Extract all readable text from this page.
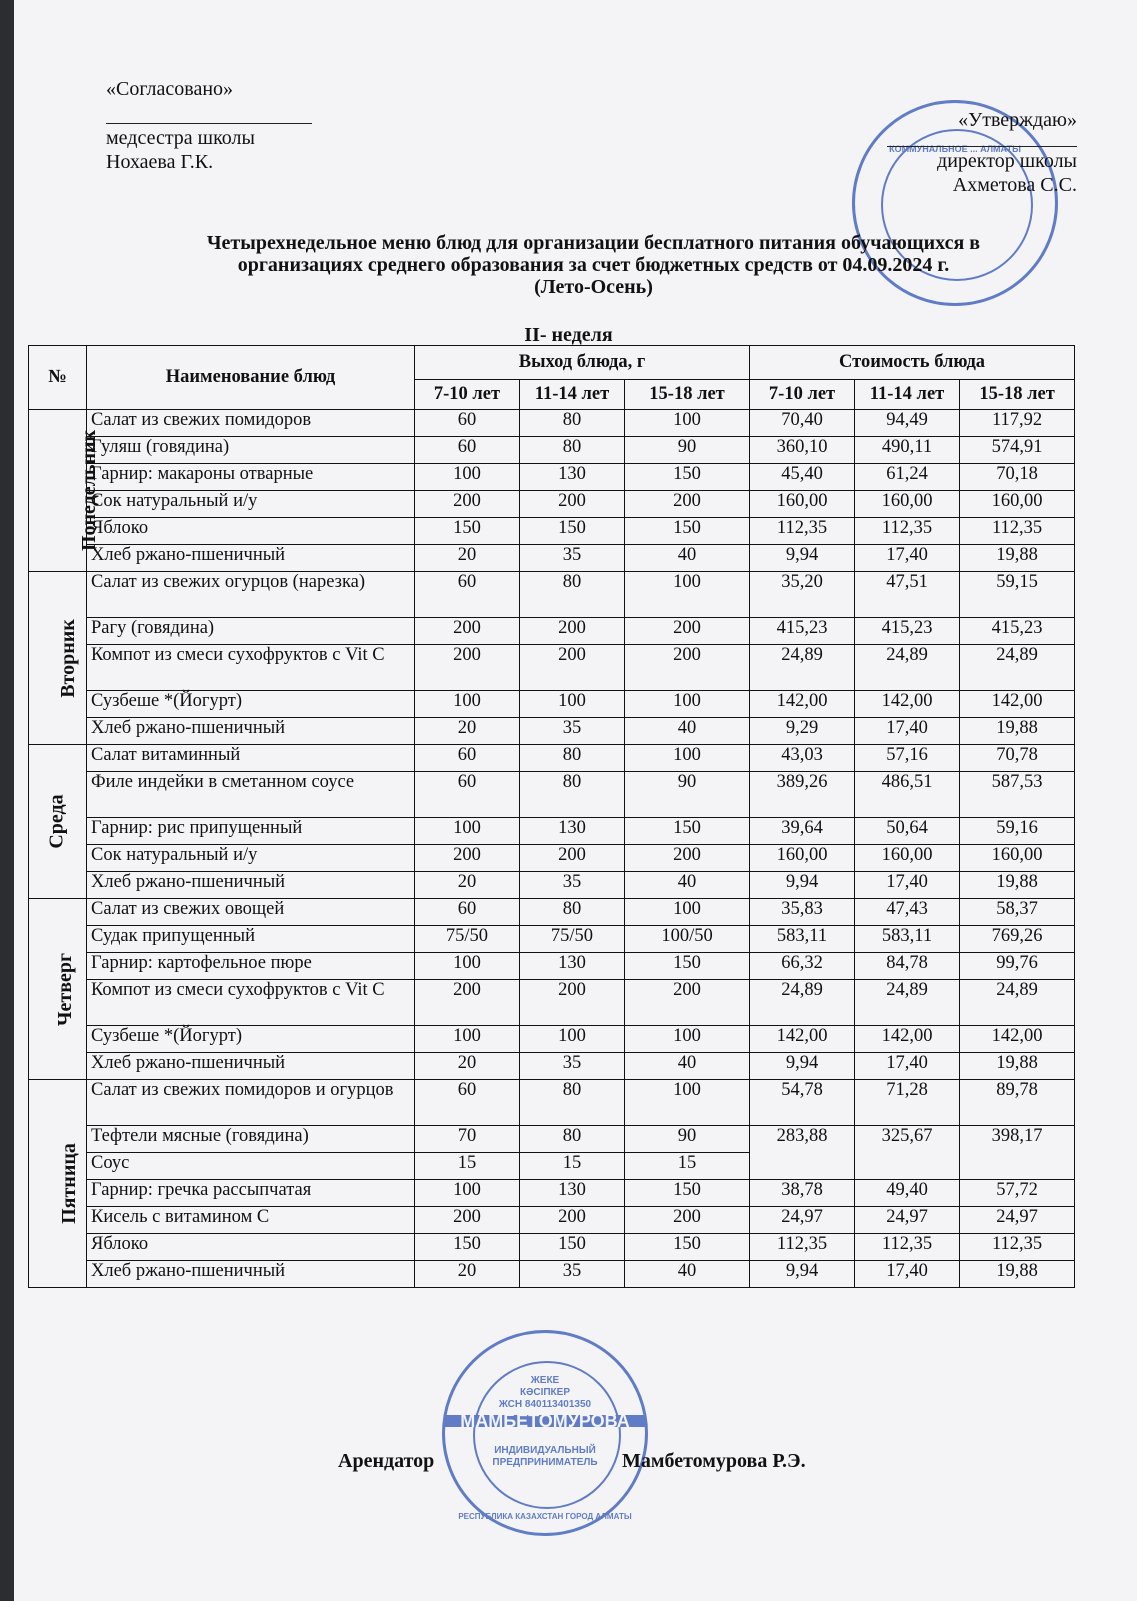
«Согласовано»
медсестра школы
Нохаева Г.К.
КОММУНАЛЬНОЕ ... АЛМАТЫ
«Утверждаю»
директор школы
Ахметова С.С.
Четырехнедельное меню блюд для организации бесплатного питания обучающихся в
организациях среднего образования за счет бюджетных средств от 04.09.2024 г.
(Лето-Осень)
II- неделя
№	Наименование блюд	Выход блюда, г			Стоимость блюда		
		7-10 лет	11-14 лет	15-18 лет	7-10 лет	11-14 лет	15-18 лет
Понедельник	Салат из свежих помидоров	60	80	100	70,40	94,49	117,92
	Гуляш (говядина)	60	80	90	360,10	490,11	574,91
	Гарнир: макароны отварные	100	130	150	45,40	61,24	70,18
	Сок натуральный и/у	200	200	200	160,00	160,00	160,00
	Яблоко	150	150	150	112,35	112,35	112,35
	Хлеб ржано-пшеничный	20	35	40	9,94	17,40	19,88
Вторник	Салат из свежих огурцов (нарезка)	60	80	100	35,20	47,51	59,15
	Рагу (говядина)	200	200	200	415,23	415,23	415,23
	Компот из смеси сухофруктов с Vit C	200	200	200	24,89	24,89	24,89
	Сузбеше *(Йогурт)	100	100	100	142,00	142,00	142,00
	Хлеб ржано-пшеничный	20	35	40	9,29	17,40	19,88
Среда	Салат витаминный	60	80	100	43,03	57,16	70,78
	Филе индейки в сметанном соусе	60	80	90	389,26	486,51	587,53
	Гарнир: рис припущенный	100	130	150	39,64	50,64	59,16
	Сок натуральный и/у	200	200	200	160,00	160,00	160,00
	Хлеб ржано-пшеничный	20	35	40	9,94	17,40	19,88
Четверг	Салат из свежих овощей	60	80	100	35,83	47,43	58,37
	Судак припущенный	75/50	75/50	100/50	583,11	583,11	769,26
	Гарнир: картофельное пюре	100	130	150	66,32	84,78	99,76
	Компот из смеси сухофруктов с Vit C	200	200	200	24,89	24,89	24,89
	Сузбеше *(Йогурт)	100	100	100	142,00	142,00	142,00
	Хлеб ржано-пшеничный	20	35	40	9,94	17,40	19,88
Пятница	Салат из свежих помидоров и огурцов	60	80	100	54,78	71,28	89,78
	Тефтели мясные (говядина)	70	80	90	283,88	325,67	398,17
	Соус	15	15	15			
	Гарнир: гречка рассыпчатая	100	130	150	38,78	49,40	57,72
	Кисель с витамином С	200	200	200	24,97	24,97	24,97
	Яблоко	150	150	150	112,35	112,35	112,35
	Хлеб ржано-пшеничный	20	35	40	9,94	17,40	19,88
ЖЕКЕ
КӘСІПКЕР
ЖСН 840113401350
МАМБЕТОМУРОВА
ИНДИВИДУАЛЬНЫЙ ПРЕДПРИНИМАТЕЛЬ
РЕСПУБЛИКА КАЗАХСТАН ГОРОД АЛМАТЫ
Арендатор	Мамбетомурова Р.Э.
